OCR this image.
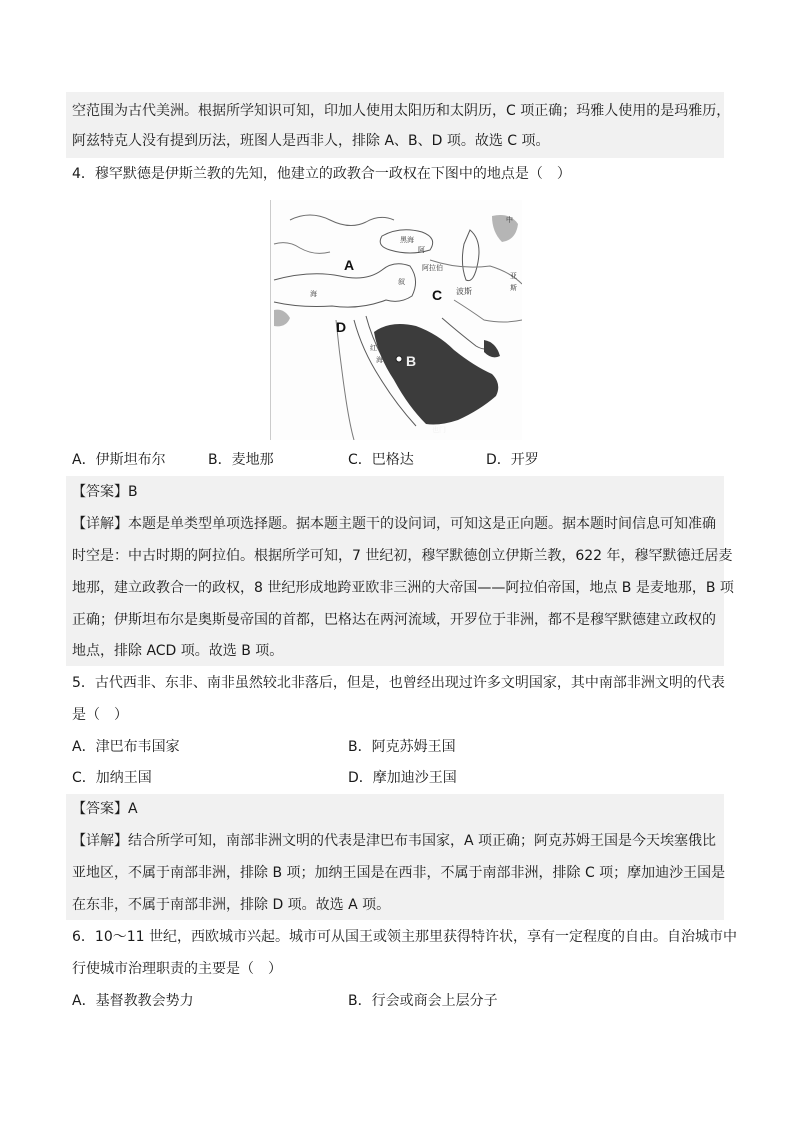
空范围为古代美洲。根据所学知识可知，印加人使用太阳历和太阴历，C 项正确；玛雅人使用的是玛雅历，
阿兹特克人没有提到历法，班图人是西非人，排除 A、B、D 项。故选 C 项。
4．穆罕默德是伊斯兰教的先知，他建立的政教合一政权在下图中的地点是（　）
A
B
C
D
黑海
阿拉伯
波斯
中
斯
亚
海
红
海
阿
也门
叙
A．伊斯坦布尔	B．麦地那	C．巴格达	D．开罗
【答案】B
【详解】本题是单类型单项选择题。据本题主题干的设问词，可知这是正向题。据本题时间信息可知准确
时空是：中古时期的阿拉伯。根据所学可知，7 世纪初，穆罕默德创立伊斯兰教，622 年，穆罕默德迁居麦
地那，建立政教合一的政权，8 世纪形成地跨亚欧非三洲的大帝国——阿拉伯帝国，地点 B 是麦地那，B 项
正确；伊斯坦布尔是奥斯曼帝国的首都，巴格达在两河流域，开罗位于非洲，都不是穆罕默德建立政权的
地点，排除 ACD 项。故选 B 项。
5．古代西非、东非、南非虽然较北非落后，但是，也曾经出现过许多文明国家，其中南部非洲文明的代表
是（　）
A．津巴布韦国家	B．阿克苏姆王国
C．加纳王国	D．摩加迪沙王国
【答案】A
【详解】结合所学可知，南部非洲文明的代表是津巴布韦国家，A 项正确；阿克苏姆王国是今天埃塞俄比
亚地区，不属于南部非洲，排除 B 项；加纳王国是在西非，不属于南部非洲，排除 C 项；摩加迪沙王国是
在东非，不属于南部非洲，排除 D 项。故选 A 项。
6．10～11 世纪，西欧城市兴起。城市可从国王或领主那里获得特许状，享有一定程度的自由。自治城市中
行使城市治理职责的主要是（　）
A．基督教教会势力	B．行会或商会上层分子
